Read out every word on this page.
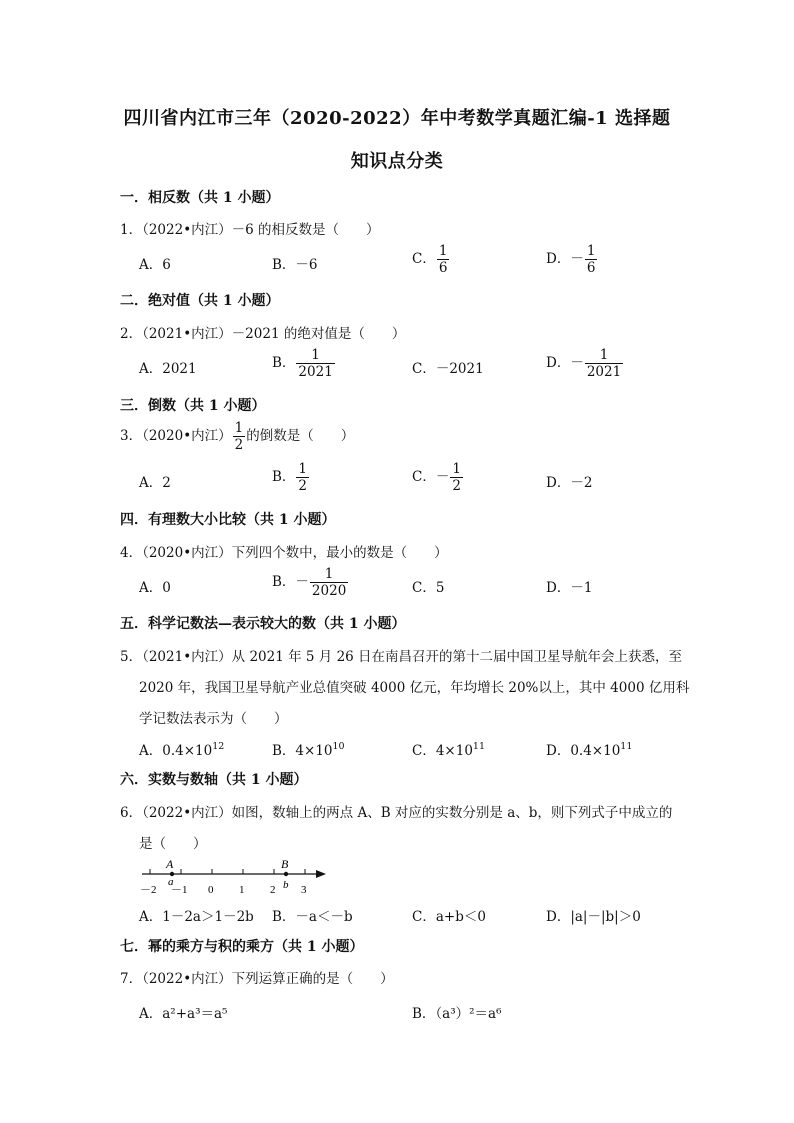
四川省内江市三年（2020-2022）年中考数学真题汇编-1 选择题
知识点分类
一．相反数（共 1 小题）
1．（2022•内江）－6 的相反数是（　　）
A．6	B．－6	C． $\frac{1}{6}$	D．－ $\frac{1}{6}$
二．绝对值（共 1 小题）
2．（2021•内江）－2021 的绝对值是（　　）
A．2021	B． $\frac{1}{2021}$	C．－2021	D．－ $\frac{1}{2021}$
三．倒数（共 1 小题）
3．（2020•内江） $\frac{1}{2}$ 的倒数是（　　）
A．2	B． $\frac{1}{2}$	C．－ $\frac{1}{2}$	D．－2
四．有理数大小比较（共 1 小题）
4．（2020•内江）下列四个数中，最小的数是（　　）
A．0	B．－ $\frac{1}{2020}$	C．5	D．－1
五．科学记数法—表示较大的数（共 1 小题）
5．（2021•内江）从 2021 年 5 月 26 日在南昌召开的第十二届中国卫星导航年会上获悉，至
2020 年，我国卫星导航产业总值突破 4000 亿元，年均增长 20%以上，其中 4000 亿用科
学记数法表示为（　　）
A．$0.4\times 10^{12}$	B．$4\times 10^{10}$	C．$4\times 10^{11}$	D．$0.4\times 10^{11}$
六．实数与数轴（共 1 小题）
6．（2022•内江）如图，数轴上的两点 A、B 对应的实数分别是 a、b，则下列式子中成立的
是（　　）
A	B
a	b
－2 －1 0 1 2 3
A．1－2a＞1－2b B．－a＜－b	C．a+b＜0	D．|a|－|b|＞0
七．幂的乘方与积的乘方（共 1 小题）
7．（2022•内江）下列运算正确的是（　　）
A．a²+a³＝a⁵	B．（a³）²＝a⁶
